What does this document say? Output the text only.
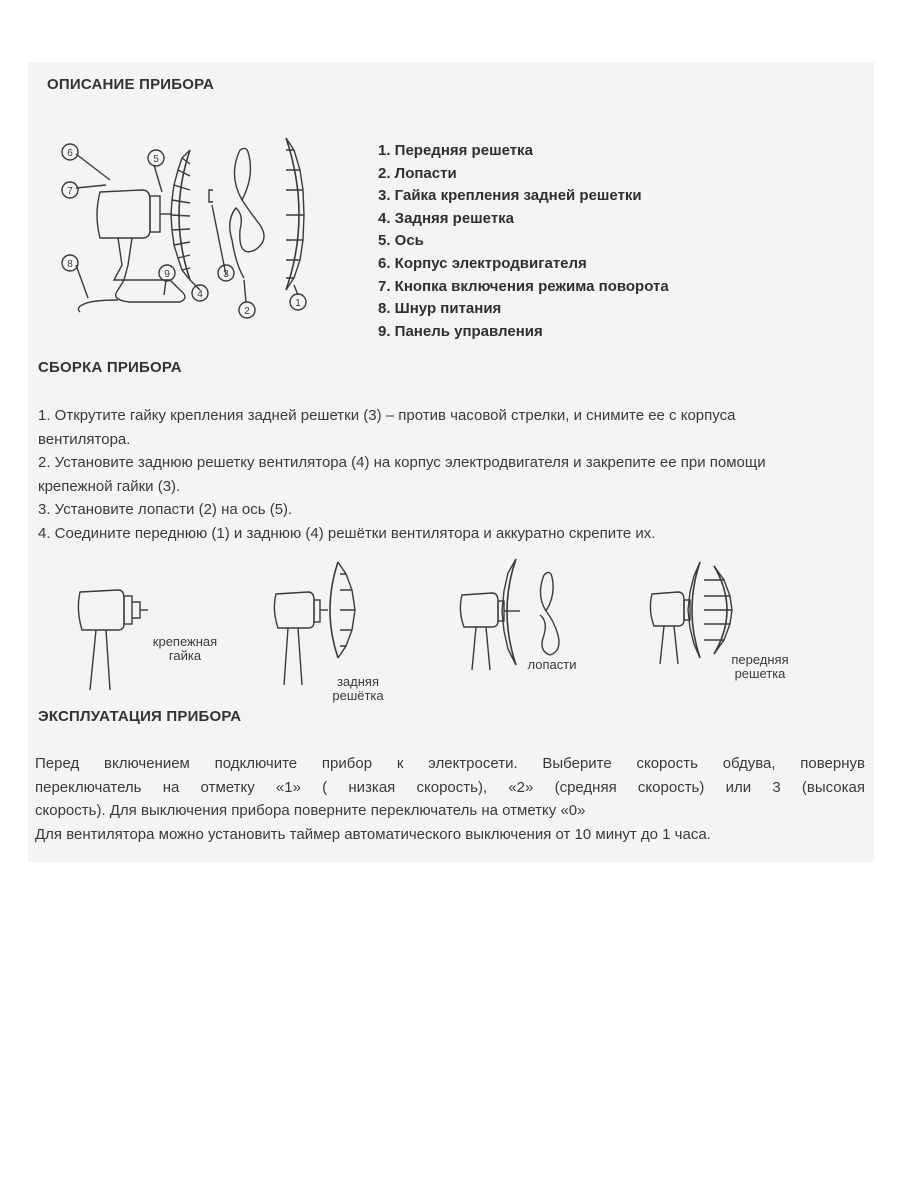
ОПИСАНИЕ ПРИБОРА
6
7
5
8
9
4
3
2
1
1. Передняя решетка
2. Лопасти
3. Гайка крепления задней решетки
4. Задняя решетка
5. Ось
6. Корпус электродвигателя
7. Кнопка включения режима поворота
8. Шнур питания
9. Панель управления
СБОРКА ПРИБОРА

1. Открутите гайку крепления задней решетки (3) – против часовой стрелки, и снимите ее с корпуса вентилятора.

2. Установите заднюю решетку вентилятора (4) на корпус электродвигателя и закрепите ее при помощи крепежной гайки (3).

3. Установите лопасти (2) на ось (5).

4. Соедините переднюю (1) и заднюю (4) решётки вентилятора и аккуратно скрепите их.

крепежная
гайка
задняя
решётка
лопасти	передняя
решетка
ЭКСПЛУАТАЦИЯ ПРИБОРА

Перед включением подключите прибор к электросети. Выберите скорость обдува, повернув

переключатель на отметку «1» ( низкая скорость), «2» (средняя скорость) или 3 (высокая

скорость). Для выключения прибора поверните переключатель на отметку «0»

Для вентилятора можно установить таймер автоматического выключения от 10 минут до 1 часа.
